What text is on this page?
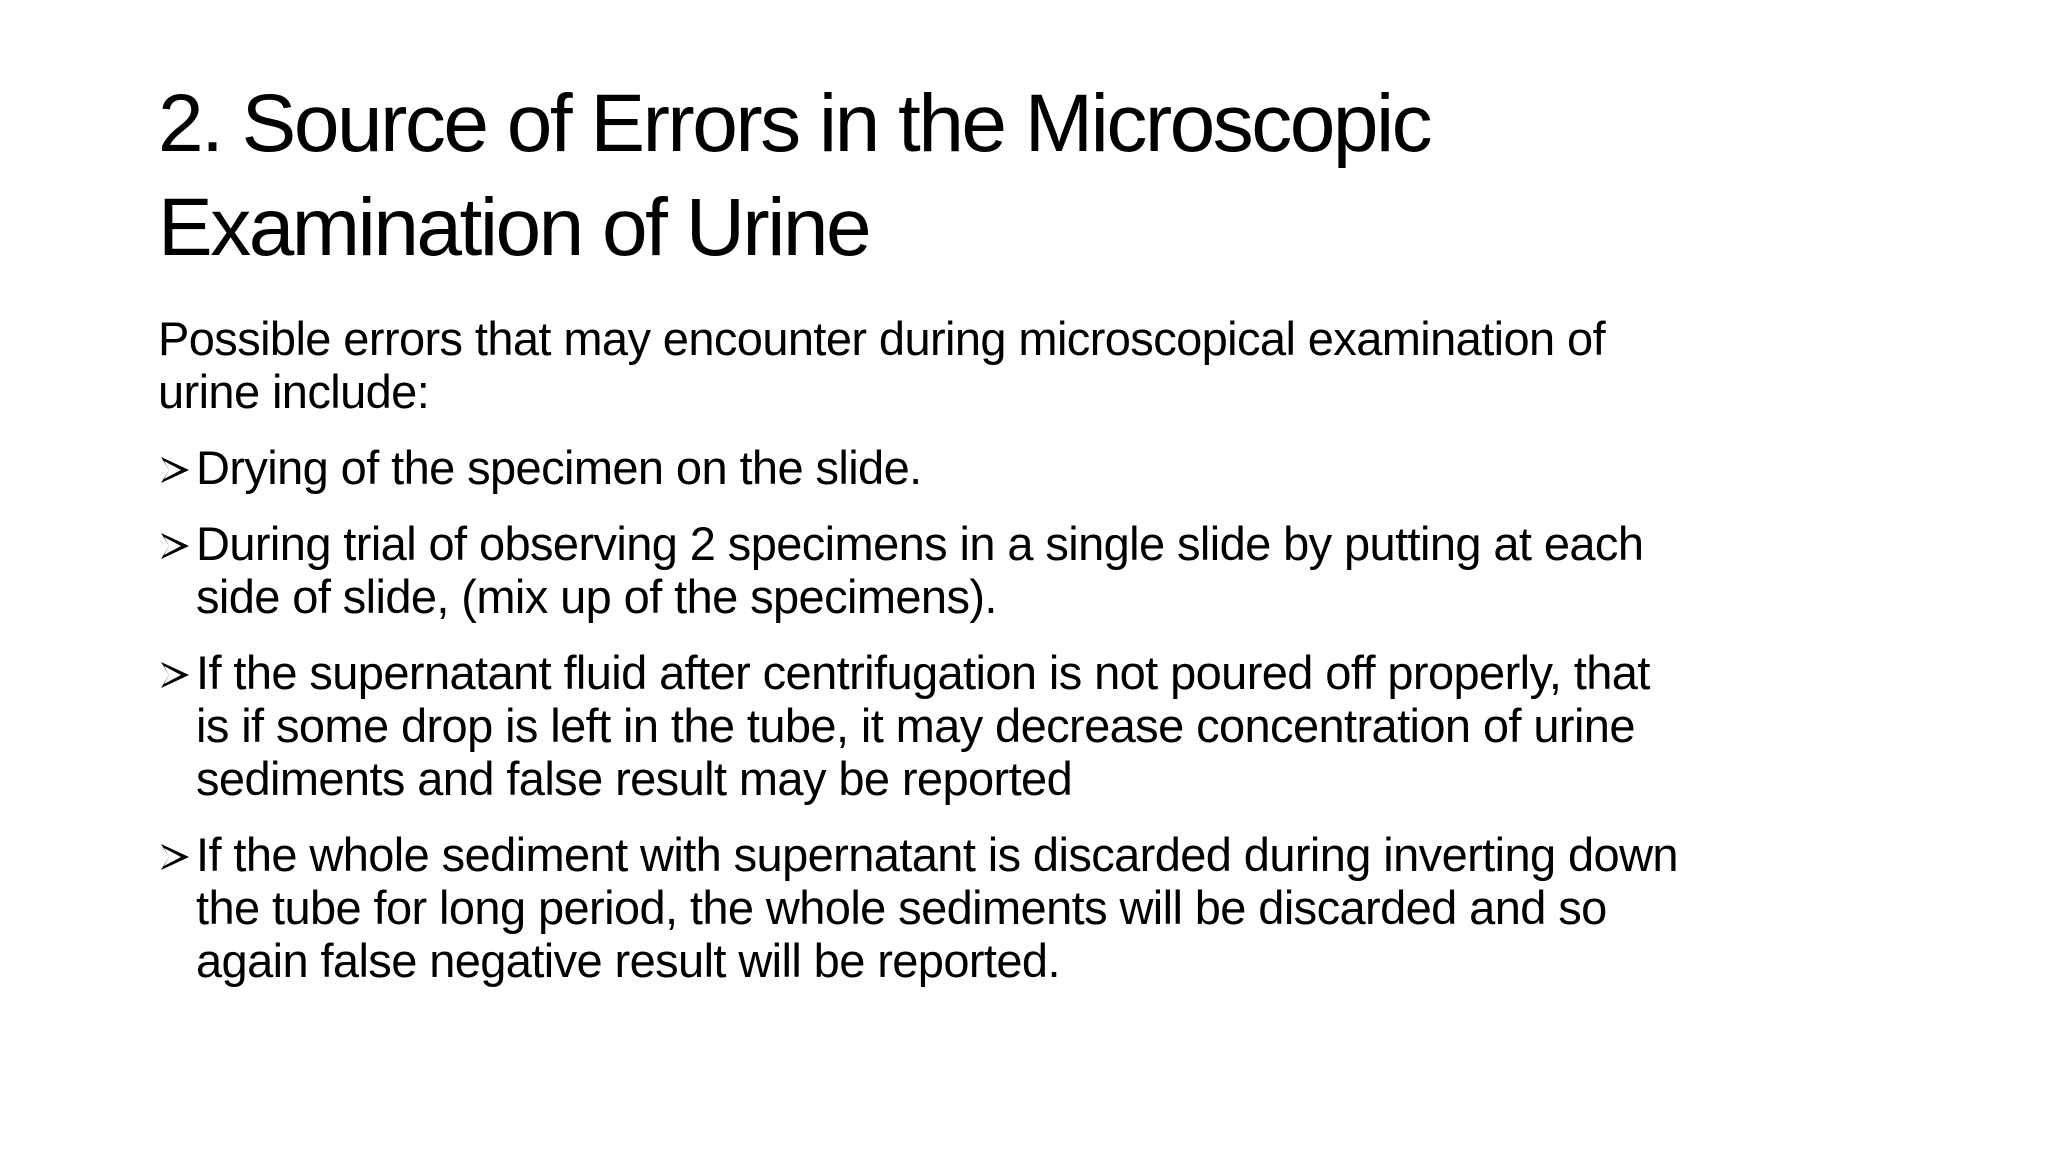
2. Source of Errors in the Microscopic
Examination of Urine

Possible errors that may encounter during microscopical examination of
urine include:

Drying of the specimen on the slide.
During trial of observing 2 specimens in a single slide by putting at each
side of slide, (mix up of the specimens).
If the supernatant fluid after centrifugation is not poured off properly, that
is if some drop is left in the tube, it may decrease concentration of urine
sediments and false result may be reported
If the whole sediment with supernatant is discarded during inverting down
the tube for long period, the whole sediments will be discarded and so
again false negative result will be reported.
